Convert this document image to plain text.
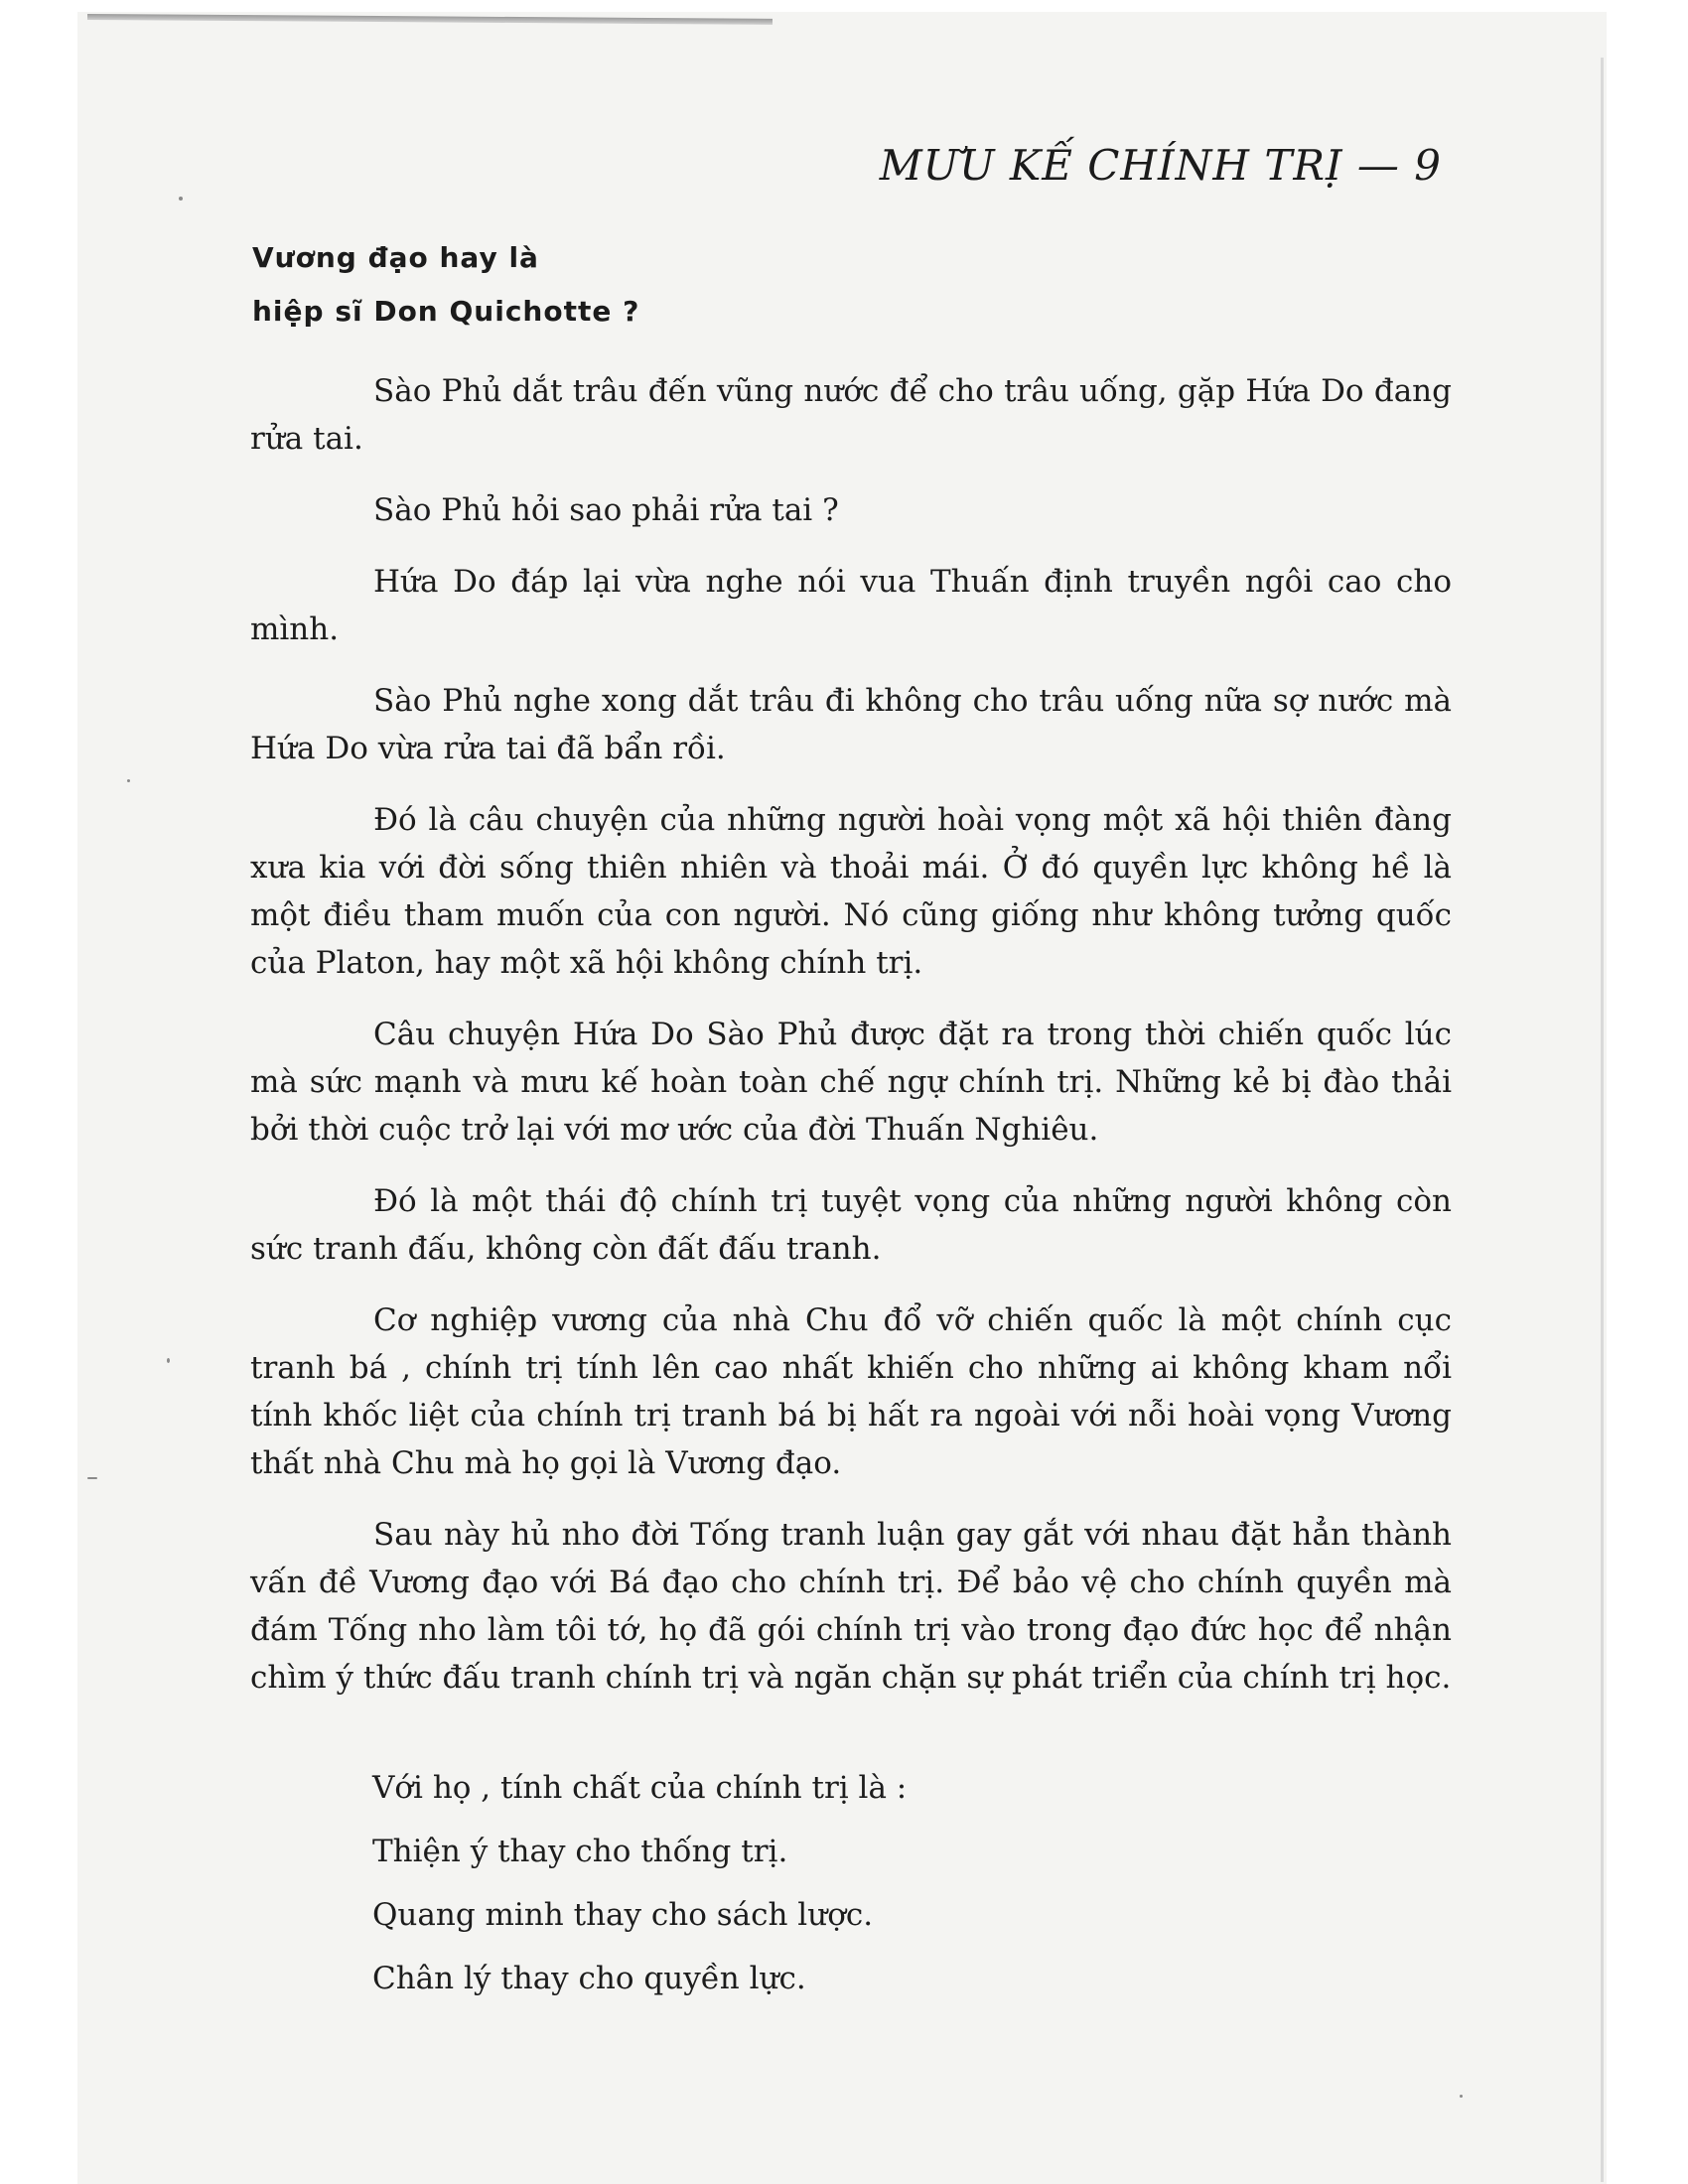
MƯU KẾ CHÍNH TRỊ — 9
Vương đạo hay là
hiệp sĩ Don Quichotte ?

Sào Phủ dắt trâu đến vũng nước để cho trâu uống, gặp Hứa Do đang rửa tai.

Sào Phủ hỏi sao phải rửa tai ?

Hứa Do đáp lại vừa nghe nói vua Thuấn định truyền ngôi cao cho mình.

Sào Phủ nghe xong dắt trâu đi không cho trâu uống nữa sợ nước mà Hứa Do vừa rửa tai đã bẩn rồi.

Đó là câu chuyện của những người hoài vọng một xã hội thiên đàng xưa kia với đời sống thiên nhiên và thoải mái. Ở đó quyền lực không hề là một điều tham muốn của con người. Nó cũng giống như không tưởng quốc của Platon, hay một xã hội không chính trị.

Câu chuyện Hứa Do Sào Phủ được đặt ra trong thời chiến quốc lúc mà sức mạnh và mưu kế hoàn toàn chế ngự chính trị. Những kẻ bị đào thải bởi thời cuộc trở lại với mơ ước của đời Thuấn Nghiêu.

Đó là một thái độ chính trị tuyệt vọng của những người không còn sức tranh đấu, không còn đất đấu tranh.

Cơ nghiệp vương của nhà Chu đổ vỡ chiến quốc là một chính cục tranh bá , chính trị tính lên cao nhất khiến cho những ai không kham nổi tính khốc liệt của chính trị tranh bá bị hất ra ngoài với nỗi hoài vọng Vương thất nhà Chu mà họ gọi là Vương đạo.

Sau này hủ nho đời Tống tranh luận gay gắt với nhau đặt hẳn thành vấn đề Vương đạo với Bá đạo cho chính trị. Để bảo vệ cho chính quyền mà đám Tống nho làm tôi tớ, họ đã gói chính trị vào trong đạo đức học để nhận chìm ý thức đấu tranh chính trị và ngăn chặn sự phát triển của chính trị học.

Với họ , tính chất của chính trị là :
Thiện ý thay cho thống trị.
Quang minh thay cho sách lược.
Chân lý thay cho quyền lực.
